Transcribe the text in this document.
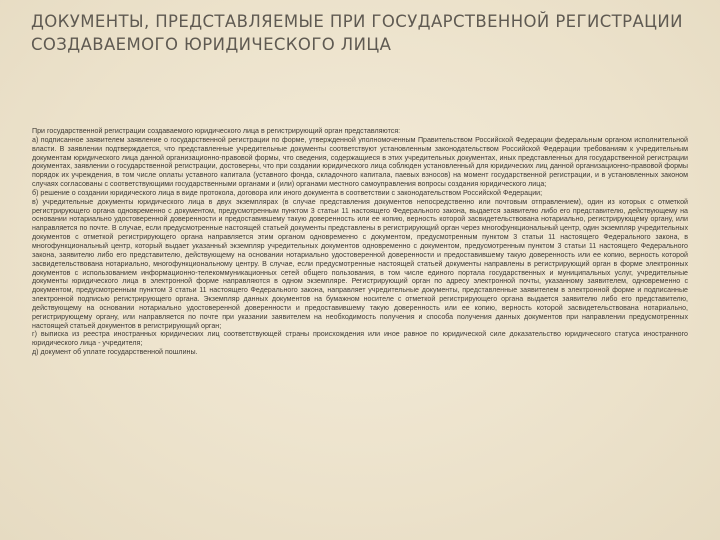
ДОКУМЕНТЫ, ПРЕДСТАВЛЯЕМЫЕ ПРИ ГОСУДАРСТВЕННОЙ РЕГИСТРАЦИИ
СОЗДАВАЕМОГО ЮРИДИЧЕСКОГО ЛИЦА

При государственной регистрации создаваемого юридического лица в регистрирующий орган представляются:

а) подписанное заявителем заявление о государственной регистрации по форме, утвержденной уполномоченным Правительством Российской Федерации федеральным органом исполнительной власти. В заявлении подтверждается, что представленные учредительные документы соответствуют установленным законодательством Российской Федерации требованиям к учредительным документам юридического лица данной организационно-правовой формы, что сведения, содержащиеся в этих учредительных документах, иных представленных для государственной регистрации документах, заявлении о государственной регистрации, достоверны, что при создании юридического лица соблюден установленный для юридических лиц данной организационно-правовой формы порядок их учреждения, в том числе оплаты уставного капитала (уставного фонда, складочного капитала, паевых взносов) на момент государственной регистрации, и в установленных законом случаях согласованы с соответствующими государственными органами и (или) органами местного самоуправления вопросы создания юридического лица;

б) решение о создании юридического лица в виде протокола, договора или иного документа в соответствии с законодательством Российской Федерации;

в) учредительные документы юридического лица в двух экземплярах (в случае представления документов непосредственно или почтовым отправлением), один из которых с отметкой регистрирующего органа одновременно с документом, предусмотренным пунктом 3 статьи 11 настоящего Федерального закона, выдается заявителю либо его представителю, действующему на основании нотариально удостоверенной доверенности и предоставившему такую доверенность или ее копию, верность которой засвидетельствована нотариально, регистрирующему органу, или направляется по почте. В случае, если предусмотренные настоящей статьей документы представлены в регистрирующий орган через многофункциональный центр, один экземпляр учредительных документов с отметкой регистрирующего органа направляется этим органом одновременно с документом, предусмотренным пунктом 3 статьи 11 настоящего Федерального закона, в многофункциональный центр, который выдает указанный экземпляр учредительных документов одновременно с документом, предусмотренным пунктом 3 статьи 11 настоящего Федерального закона, заявителю либо его представителю, действующему на основании нотариально удостоверенной доверенности и предоставившему такую доверенность или ее копию, верность которой засвидетельствована нотариально, многофункциональному центру. В случае, если предусмотренные настоящей статьей документы направлены в регистрирующий орган в форме электронных документов с использованием информационно-телекоммуникационных сетей общего пользования, в том числе единого портала государственных и муниципальных услуг, учредительные документы юридического лица в электронной форме направляются в одном экземпляре. Регистрирующий орган по адресу электронной почты, указанному заявителем, одновременно с документом, предусмотренным пунктом 3 статьи 11 настоящего Федерального закона, направляет учредительные документы, представленные заявителем в электронной форме и подписанные электронной подписью регистрирующего органа. Экземпляр данных документов на бумажном носителе с отметкой регистрирующего органа выдается заявителю либо его представителю, действующему на основании нотариально удостоверенной доверенности и предоставившему такую доверенность или ее копию, верность которой засвидетельствована нотариально, регистрирующему органу, или направляется по почте при указании заявителем на необходимость получения и способа получения данных документов при направлении предусмотренных настоящей статьей документов в регистрирующий орган;

г) выписка из реестра иностранных юридических лиц соответствующей страны происхождения или иное равное по юридической силе доказательство юридического статуса иностранного юридического лица - учредителя;

д) документ об уплате государственной пошлины.
